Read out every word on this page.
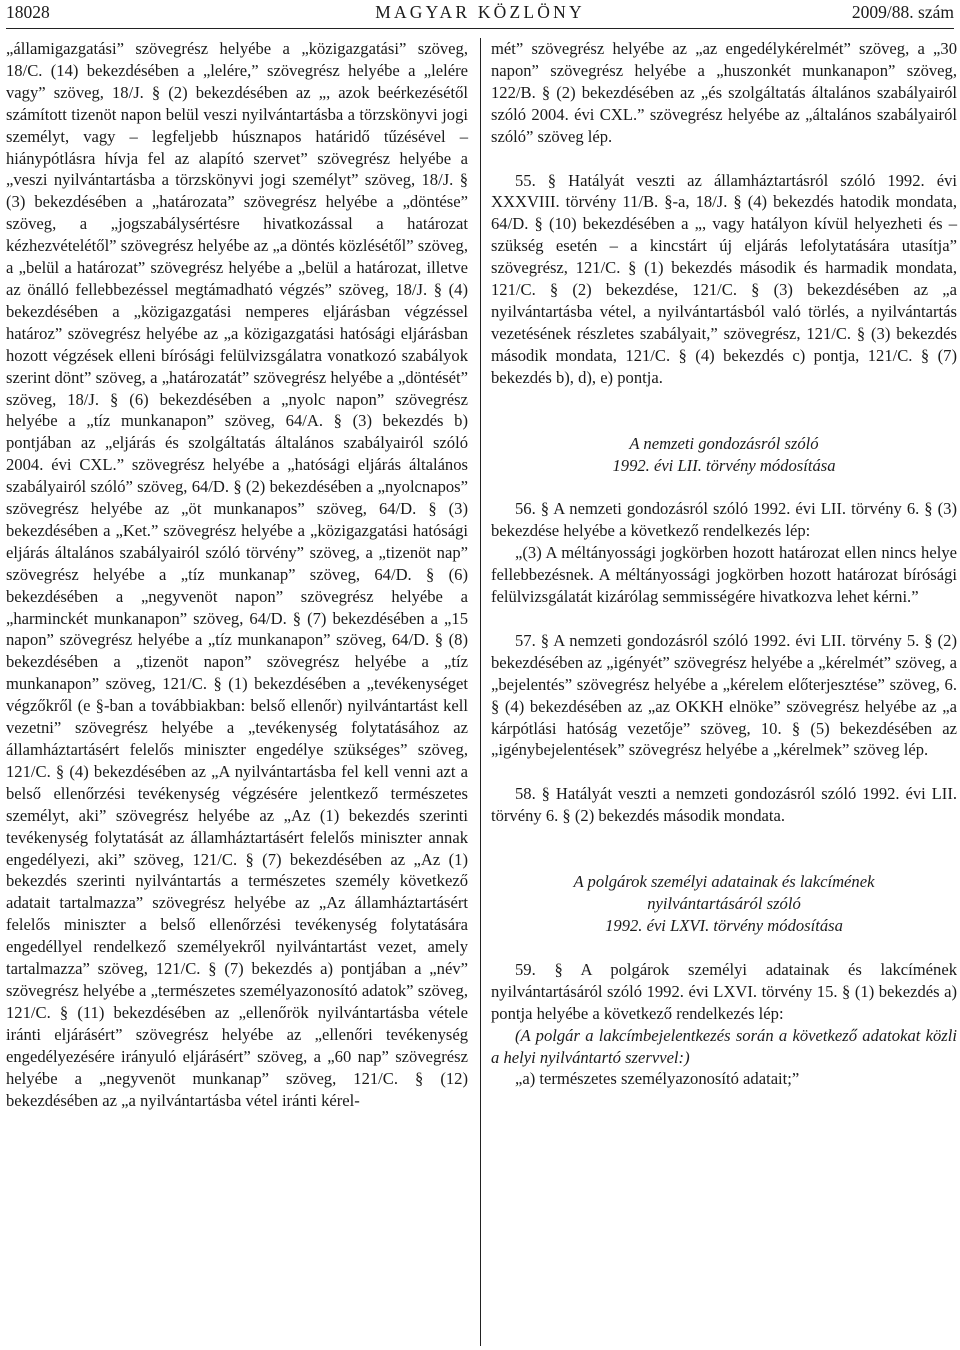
18028	MAGYAR KÖZLÖNY	2009/88. szám

„államigazgatási” szövegrész helyébe a „közigazgatási” szöveg, 18/C. (14) bekezdésében a „lelére,” szövegrész helyébe a „lelére vagy” szöveg, 18/J. § (2) bekezdésében az „, azok beérkezésétől számított tizenöt napon belül veszi nyilvántartásba a törzskönyvi jogi személyt, vagy – legfeljebb húsznapos határidő tűzésével – hiánypótlásra hívja fel az alapító szervet” szövegrész helyébe a „veszi nyilvántartásba a törzskönyvi jogi személyt” szöveg, 18/J. § (3) bekezdésében a „határozata” szövegrész helyébe a „döntése” szöveg, a „jogszabálysértésre hivatkozással a határozat kézhezvételétől” szövegrész helyébe az „a döntés közlésétől” szöveg, a „belül a határozat” szövegrész helyébe a „belül a határozat, illetve az önálló fellebbezéssel megtámadható végzés” szöveg, 18/J. § (4) bekezdésében a „közigazgatási nemperes eljárásban végzéssel határoz” szövegrész helyébe az „a közigazgatási hatósági eljárásban hozott végzések elleni bírósági felülvizsgálatra vonatkozó szabályok szerint dönt” szöveg, a „határozatát” szövegrész helyébe a „döntését” szöveg, 18/J. § (6) bekezdésében a „nyolc napon” szövegrész helyébe a „tíz munkanapon” szöveg, 64/A. § (3) bekezdés b) pontjában az „eljárás és szolgáltatás általános szabályairól szóló 2004. évi CXL.” szövegrész helyébe a „hatósági eljárás általános szabályairól szóló” szöveg, 64/D. § (2) bekezdésében a „nyolcnapos” szövegrész helyébe az „öt munkanapos” szöveg, 64/D. § (3) bekezdésében a „Ket.” szövegrész helyébe a „közigazgatási hatósági eljárás általános szabályairól szóló törvény” szöveg, a „tizenöt nap” szövegrész helyébe a „tíz munkanap” szöveg, 64/D. § (6) bekezdésében a „negyvenöt napon” szövegrész helyébe a „harminckét munkanapon” szöveg, 64/D. § (7) bekezdésében a „15 napon” szövegrész helyébe a „tíz munkanapon” szöveg, 64/D. § (8) bekezdésében a „tizenöt napon” szövegrész helyébe a „tíz munkanapon” szöveg, 121/C. § (1) bekezdésében a „tevékenységet végzőkről (e §-ban a továbbiakban: belső ellenőr) nyilvántartást kell vezetni” szövegrész helyébe a „tevékenység folytatásához az államháztartásért felelős miniszter engedélye szükséges” szöveg, 121/C. § (4) bekezdésében az „A nyilvántartásba fel kell venni azt a belső ellenőrzési tevékenység végzésére jelentkező természetes személyt, aki” szövegrész helyébe az „Az (1) bekezdés szerinti tevékenység folytatását az államháztartásért felelős miniszter annak engedélyezi, aki” szöveg, 121/C. § (7) bekezdésében az „Az (1) bekezdés szerinti nyilvántartás a természetes személy következő adatait tartalmazza” szövegrész helyébe az „Az államháztartásért felelős miniszter a belső ellenőrzési tevékenység folytatására engedéllyel rendelkező személyekről nyilvántartást vezet, amely tartalmazza” szöveg, 121/C. § (7) bekezdés a) pontjában a „név” szövegrész helyébe a „természetes személyazonosító adatok” szöveg, 121/C. § (11) bekezdésében az „ellenőrök nyilvántartásba vétele iránti eljárásért” szövegrész helyébe az „ellenőri tevékenység engedélyezésére irányuló eljárásért” szöveg, a „60 nap” szövegrész helyébe a „negyvenöt munkanap” szöveg, 121/C. § (12) bekezdésében az „a nyilvántartásba vétel iránti kérel-

mét” szövegrész helyébe az „az engedélykérelmét” szöveg, a „30 napon” szövegrész helyébe a „huszonkét munkanapon” szöveg, 122/B. § (2) bekezdésében az „és szolgáltatás általános szabályairól szóló 2004. évi CXL.” szövegrész helyébe az „általános szabályairól szóló” szöveg lép.

55. § Hatályát veszti az államháztartásról szóló 1992. évi XXXVIII. törvény 11/B. §-a, 18/J. § (4) bekezdés hatodik mondata, 64/D. § (10) bekezdésében a „, vagy hatályon kívül helyezheti és – szükség esetén – a kincstárt új eljárás lefolytatására utasítja” szövegrész, 121/C. § (1) bekezdés második és harmadik mondata, 121/C. § (2) bekezdése, 121/C. § (3) bekezdésében az „a nyilvántartásba vétel, a nyilvántartásból való törlés, a nyilvántartás vezetésének részletes szabályait,” szövegrész, 121/C. § (3) bekezdés második mondata, 121/C. § (4) bekezdés c) pontja, 121/C. § (7) bekezdés b), d), e) pontja.

A nemzeti gondozásról szóló

1992. évi LII. törvény módosítása

56. § A nemzeti gondozásról szóló 1992. évi LII. törvény 6. § (3) bekezdése helyébe a következő rendelkezés lép:

„(3) A méltányossági jogkörben hozott határozat ellen nincs helye fellebbezésnek. A méltányossági jogkörben hozott határozat bírósági felülvizsgálatát kizárólag semmisségére hivatkozva lehet kérni.”

57. § A nemzeti gondozásról szóló 1992. évi LII. törvény 5. § (2) bekezdésében az „igényét” szövegrész helyébe a „kérelmét” szöveg, a „bejelentés” szövegrész helyébe a „kérelem előterjesztése” szöveg, 6. § (4) bekezdésében az „az OKKH elnöke” szövegrész helyébe az „a kárpótlási hatóság vezetője” szöveg, 10. § (5) bekezdésében az „igénybejelentések” szövegrész helyébe a „kérelmek” szöveg lép.

58. § Hatályát veszti a nemzeti gondozásról szóló 1992. évi LII. törvény 6. § (2) bekezdés második mondata.

A polgárok személyi adatainak és lakcímének

nyilvántartásáról szóló

1992. évi LXVI. törvény módosítása

59. § A polgárok személyi adatainak és lakcímének nyilvántartásáról szóló 1992. évi LXVI. törvény 15. § (1) bekezdés a) pontja helyébe a következő rendelkezés lép:

(A polgár a lakcímbejelentkezés során a következő adatokat közli a helyi nyilvántartó szervvel:)

„a) természetes személyazonosító adatait;”
